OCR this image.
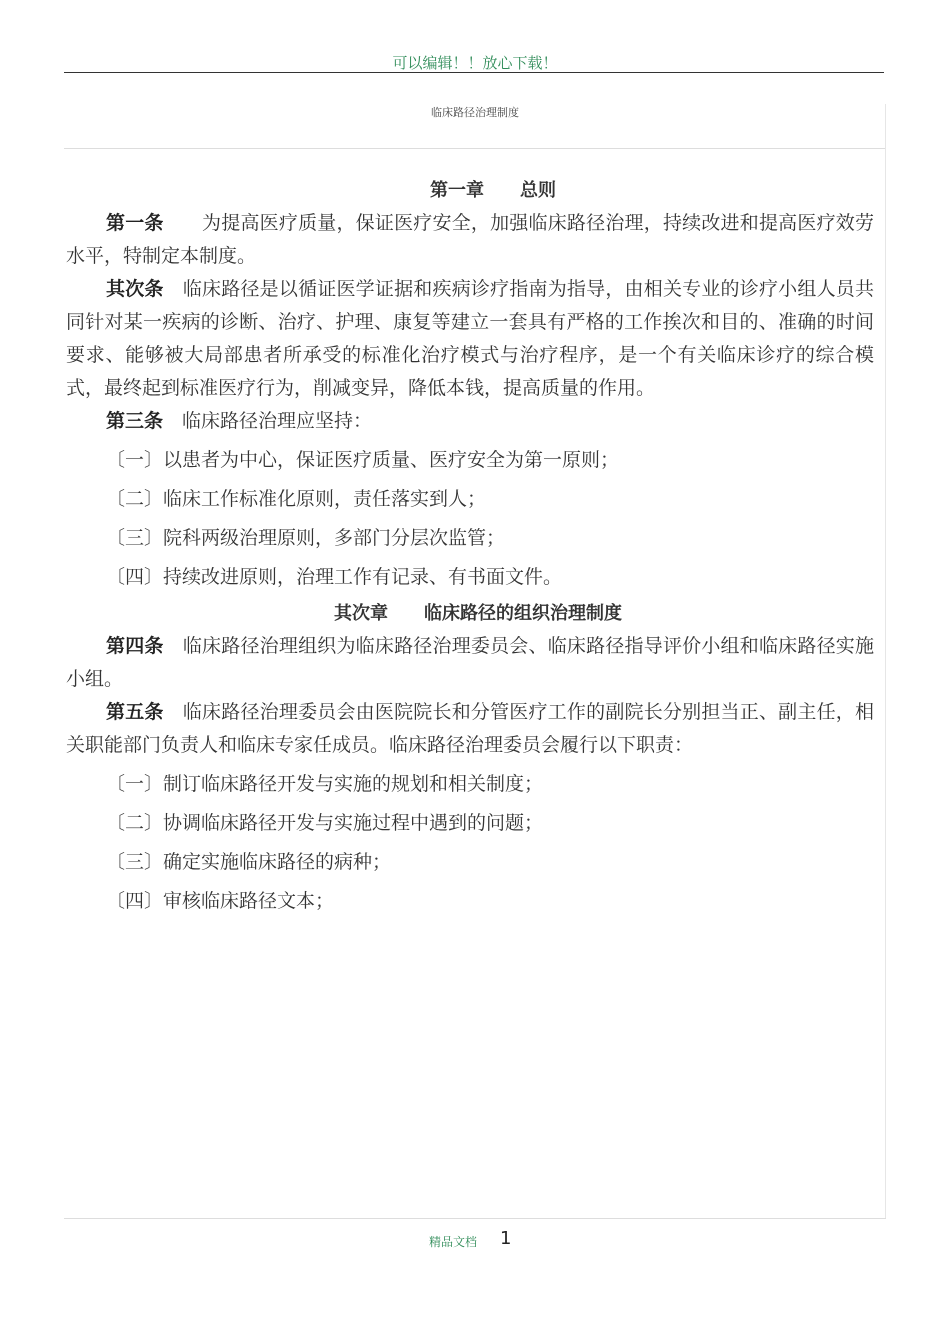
可以编辑！！放心下载！
临床路径治理制度
第一章　　总则

第一条　　 为提高医疗质量，保证医疗安全，加强临床路径治理，持续改进和提高医疗效劳水平，特制定本制度。

其次条　 临床路径是以循证医学证据和疾病诊疗指南为指导，由相关专业的诊疗小组人员共同针对某一疾病的诊断、治疗、护理、康复等建立一套具有严格的工作挨次和目的、准确的时间要求、能够被大局部患者所承受的标准化治疗模式与治疗程序，是一个有关临床诊疗的综合模式，最终起到标准医疗行为，削减变异，降低本钱，提高质量的作用。

第三条　 临床路径治理应坚持：

〔一〕以患者为中心，保证医疗质量、医疗安全为第一原则；
〔二〕临床工作标准化原则，责任落实到人；
〔三〕院科两级治理原则，多部门分层次监管；
〔四〕持续改进原则，治理工作有记录、有书面文件。
其次章　　临床路径的组织治理制度

第四条　 临床路径治理组织为临床路径治理委员会、临床路径指导评价小组和临床路径实施小组。

第五条　 临床路径治理委员会由医院院长和分管医疗工作的副院长分别担当正、副主任，相关职能部门负责人和临床专家任成员。临床路径治理委员会履行以下职责：

〔一〕制订临床路径开发与实施的规划和相关制度；
〔二〕协调临床路径开发与实施过程中遇到的问题；
〔三〕确定实施临床路径的病种；
〔四〕审核临床路径文本；
精品文档 1
